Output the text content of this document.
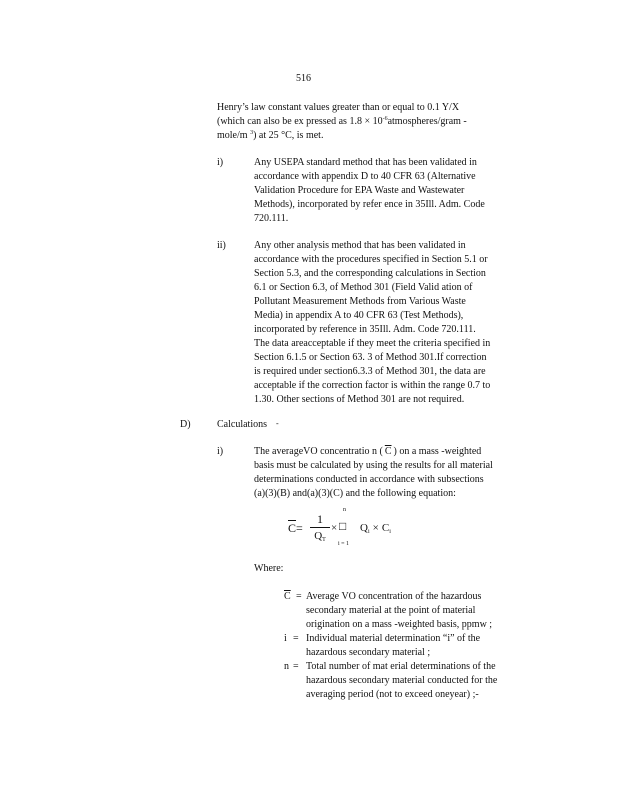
516
Henry’s law constant values greater than or equal to 0.1 Y/X
(which can also be ex pressed as $1.8 \times 10^{-6}atmospheres$/gram -
mole/m $^3$) at 25 °C, is met.
i)	Any USEPA standard method that has been validated in
accordance with appendix D to 40 CFR 63 (Alternative
Validation Procedure for EPA Waste and Wastewater
Methods), incorporated by refer ence in 35Ill. Adm. Code
720.111.
ii)	Any other analysis method that has been validated in
accordance with the procedures specified in Section 5.1 or
Section 5.3, and the corresponding calculations in Section
6.1 or Section 6.3, of Method 301 (Field Valid ation of
Pollutant Measurement Methods from Various Waste
Media) in appendix A to 40 CFR 63 (Test Methods),
incorporated by reference in 35Ill. Adm. Code 720.111.
The data areacceptable if they meet the criteria specified in
Section 6.1.5 or Section 63. 3 of Method 301.If correction
is required under section6.3.3 of Method 301, the data are
acceptable if the correction factor is within the range 0.7 to
1.30. Other sections of Method 301 are not required.
D)	Calculations -
i)	The averageVO concentratio n ( $\overline{C}$ ) on a mass -weighted
basis must be calculated by using the results for all material
determinations conducted in accordance with subsections
(a)(3)(B) and(a)(3)(C) and the following equation:
$\overline{C}=$
1
$Q_T$
×
n
□
i = 1
$Q_i \times C_i$
Where:
$\overline{C}$ = Average VO concentration of the hazardous
secondary material at the point of material
origination on a mass -weighted basis, ppmw ;
i = Individual material determination “i” of the
hazardous secondary material ;
n = Total number of mat erial determinations of the
hazardous secondary material conducted for the
averaging period (not to exceed oneyear) ;-
